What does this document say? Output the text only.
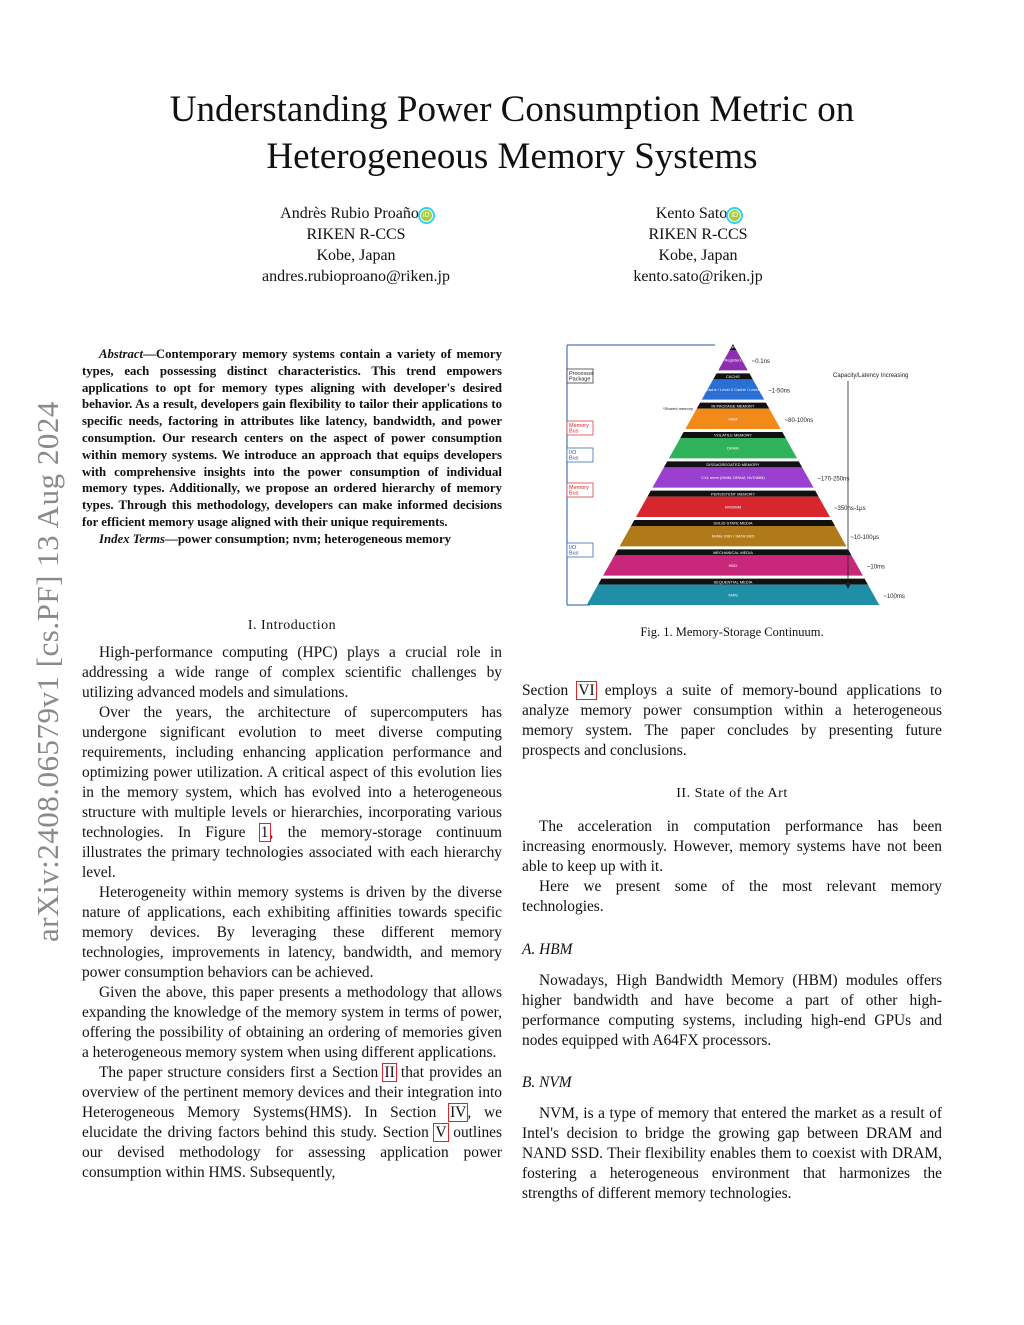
Understanding Power Consumption Metric on
Heterogeneous Memory Systems
Andrès Rubio Proaño iD
RIKEN R-CCS
Kobe, Japan
andres.rubioproano@riken.jp
Kento Sato iD
RIKEN R-CCS
Kobe, Japan
kento.sato@riken.jp
arXiv:2408.06579v1 [cs.PF] 13 Aug 2024

Abstract—Contemporary memory systems contain a variety of memory types, each possessing distinct characteristics. This trend empowers applications to opt for memory types aligning with developer's desired behavior. As a result, developers gain flexibility to tailor their applications to specific needs, factoring in attributes like latency, bandwidth, and power consumption. Our research centers on the aspect of power consumption within memory systems. We introduce an approach that equips developers with comprehensive insights into the power consumption of individual memory types. Additionally, we propose an ordered hierarchy of memory types. Through this methodology, developers can make informed decisions for efficient memory usage aligned with their unique requirements.

Index Terms—power consumption; nvm; heterogeneous memory

I. Introduction

High-performance computing (HPC) plays a crucial role in addressing a wide range of complex scientific challenges by utilizing advanced models and simulations.

Over the years, the architecture of supercomputers has undergone significant evolution to meet diverse computing requirements, including enhancing application performance and optimizing power utilization. A critical aspect of this evolution lies in the memory system, which has evolved into a heterogeneous structure with multiple levels or hierarchies, incorporating various technologies. In Figure 1, the memory-storage continuum illustrates the primary technologies associated with each hierarchy level.

Heterogeneity within memory systems is driven by the diverse nature of applications, each exhibiting affinities towards specific memory devices. By leveraging these different memory technologies, improvements in latency, bandwidth, and memory power consumption behaviors can be achieved.

Given the above, this paper presents a methodology that allows expanding the knowledge of the memory system in terms of power, offering the possibility of obtaining an ordering of memories given a heterogeneous memory system when using different applications.

The paper structure considers first a Section II that provides an overview of the pertinent memory devices and their integration into Heterogeneous Memory Systems(HMS). In Section IV, we elucidate the driving factors behind this study. Section V outlines our devised methodology for assessing application power consumption within HMS. Subsequently,

Processor
Package
Memory
Bus
I/O
Bus
Memory
Bus
I/O
Bus
CPU
Registers ~0.1ns
CACHE
Level 1 Cache / Level 2 Cache / Level 3 Cache
~1-50ns
IN PACKAGE MEMORY
HBM	~80-100ns
VOLATILE MEMORY
DRAM
DISSAGREGATED MEMORY
CXL mem (HMM, DRAM, NVDIMM)	~170-250ns
PERSISTENT MEMORY
NVDIMM	~350ns-1μs
SOLID STATE MEDIA
NVMe SSD / SATA SSD	~10-100μs
MECHANICAL MEDIA
HDD	~10ms
SEQUENTIAL MEDIA
TAPE	~100ms
Capacity/Latency Increasing
*Shared memory
Fig. 1. Memory-Storage Continuum.

Section VI employs a suite of memory-bound applications to analyze memory power consumption within a heterogeneous memory system. The paper concludes by presenting future prospects and conclusions.

II. State of the Art

The acceleration in computation performance has been increasing enormously. However, memory systems have not been able to keep up with it.

Here we present some of the most relevant memory technologies.

A. HBM

Nowadays, High Bandwidth Memory (HBM) modules offers higher bandwidth and have become a part of other high-performance computing systems, including high-end GPUs and nodes equipped with A64FX processors.

B. NVM

NVM, is a type of memory that entered the market as a result of Intel's decision to bridge the growing gap between DRAM and NAND SSD. Their flexibility enables them to coexist with DRAM, fostering a heterogeneous environment that harmonizes the strengths of different memory technologies.
